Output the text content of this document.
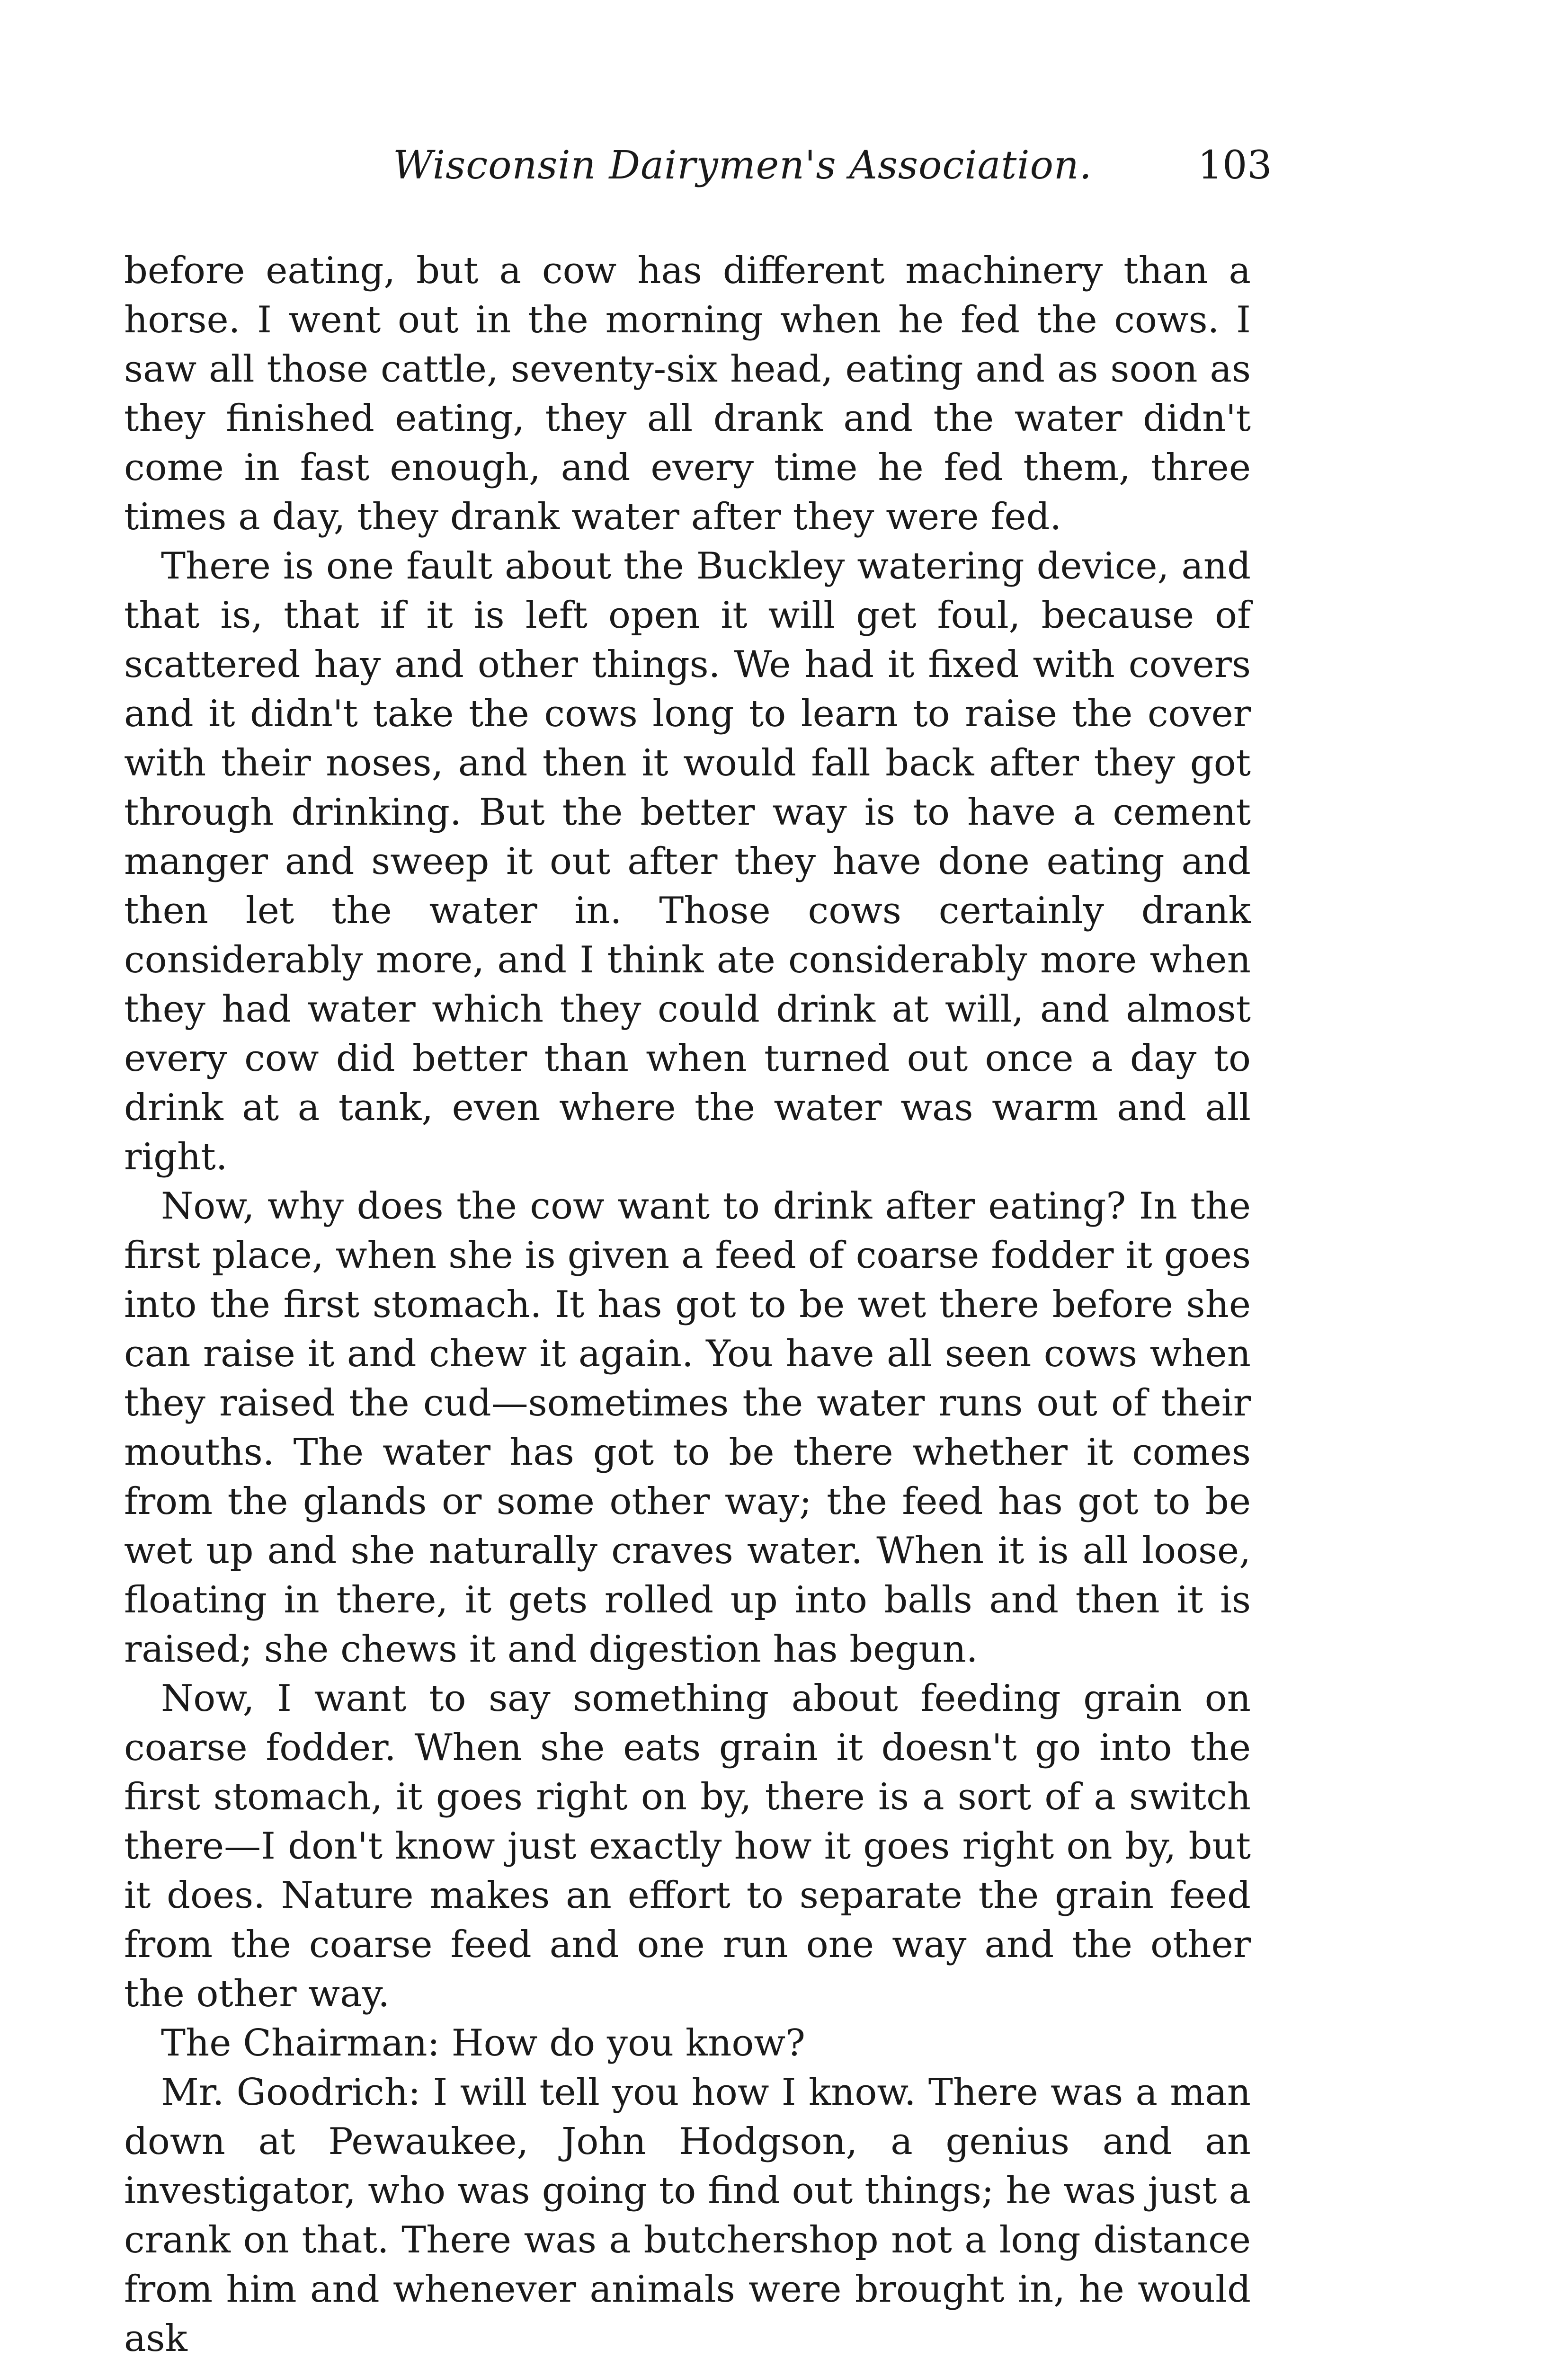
Wisconsin Dairymen's Association.	103

before eating, but a cow has different machinery than a horse. I went out in the morning when he fed the cows. I saw all those cattle, seventy-six head, eating and as soon as they finished eating, they all drank and the water didn't come in fast enough, and every time he fed them, three times a day, they drank water after they were fed.

There is one fault about the Buckley watering device, and that is, that if it is left open it will get foul, because of scattered hay and other things. We had it fixed with covers and it didn't take the cows long to learn to raise the cover with their noses, and then it would fall back after they got through drinking. But the better way is to have a cement manger and sweep it out after they have done eating and then let the water in. Those cows certainly drank considerably more, and I think ate considerably more when they had water which they could drink at will, and almost every cow did better than when turned out once a day to drink at a tank, even where the water was warm and all right.

Now, why does the cow want to drink after eating? In the first place, when she is given a feed of coarse fodder it goes into the first stomach. It has got to be wet there before she can raise it and chew it again. You have all seen cows when they raised the cud—sometimes the water runs out of their mouths. The water has got to be there whether it comes from the glands or some other way; the feed has got to be wet up and she naturally craves water. When it is all loose, floating in there, it gets rolled up into balls and then it is raised; she chews it and digestion has begun.

Now, I want to say something about feeding grain on coarse fodder. When she eats grain it doesn't go into the first stomach, it goes right on by, there is a sort of a switch there—I don't know just exactly how it goes right on by, but it does. Nature makes an effort to separate the grain feed from the coarse feed and one run one way and the other the other way.

The Chairman: How do you know?

Mr. Goodrich: I will tell you how I know. There was a man down at Pewaukee, John Hodgson, a genius and an investigator, who was going to find out things; he was just a crank on that. There was a butchershop not a long distance from him and whenever animals were brought in, he would ask
